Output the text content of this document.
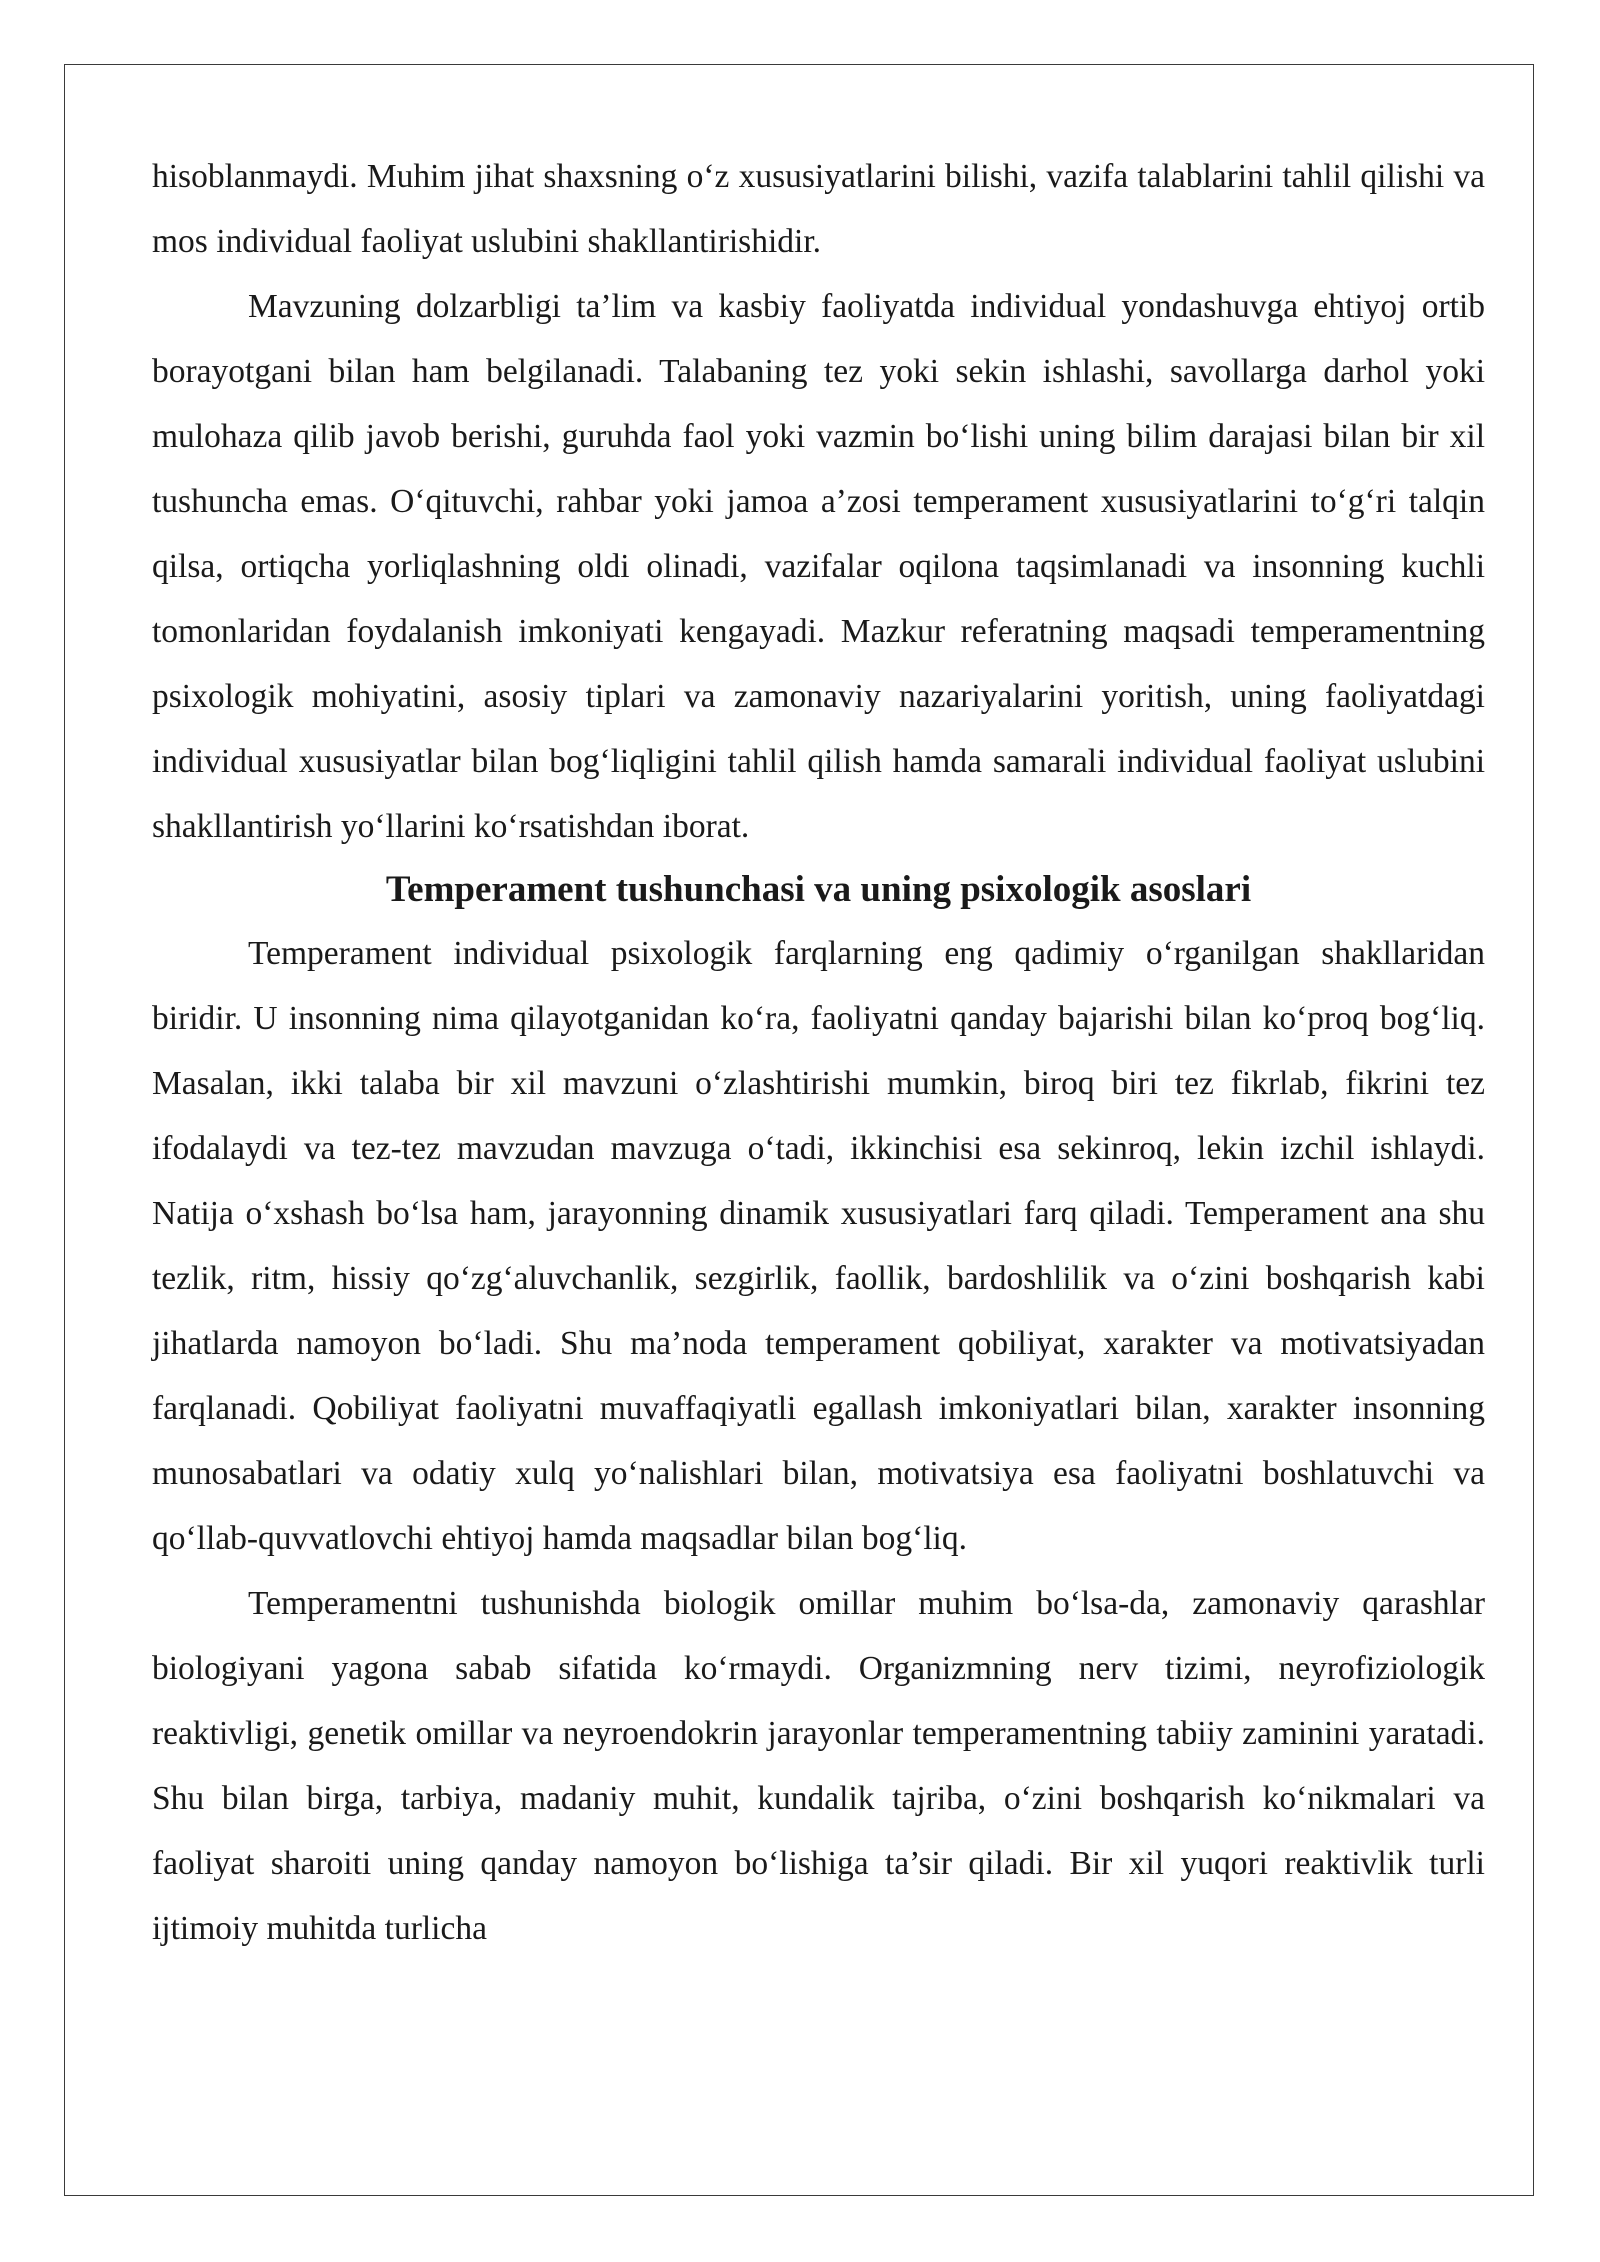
hisoblanmaydi. Muhim jihat shaxsning o‘z xususiyatlarini bilishi, vazifa talablarini tahlil qilishi va mos individual faoliyat uslubini shakllantirishidir.

Mavzuning dolzarbligi ta’lim va kasbiy faoliyatda individual yondashuvga ehtiyoj ortib borayotgani bilan ham belgilanadi. Talabaning tez yoki sekin ishlashi, savollarga darhol yoki mulohaza qilib javob berishi, guruhda faol yoki vazmin bo‘lishi uning bilim darajasi bilan bir xil tushuncha emas. O‘qituvchi, rahbar yoki jamoa a’zosi temperament xususiyatlarini to‘g‘ri talqin qilsa, ortiqcha yorliqlashning oldi olinadi, vazifalar oqilona taqsimlanadi va insonning kuchli tomonlaridan foydalanish imkoniyati kengayadi. Mazkur referatning maqsadi temperamentning psixologik mohiyatini, asosiy tiplari va zamonaviy nazariyalarini yoritish, uning faoliyatdagi individual xususiyatlar bilan bog‘liqligini tahlil qilish hamda samarali individual faoliyat uslubini shakllantirish yo‘llarini ko‘rsatishdan iborat.

Temperament tushunchasi va uning psixologik asoslari

Temperament individual psixologik farqlarning eng qadimiy o‘rganilgan shakllaridan biridir. U insonning nima qilayotganidan ko‘ra, faoliyatni qanday bajarishi bilan ko‘proq bog‘liq. Masalan, ikki talaba bir xil mavzuni o‘zlashtirishi mumkin, biroq biri tez fikrlab, fikrini tez ifodalaydi va tez-tez mavzudan mavzuga o‘tadi, ikkinchisi esa sekinroq, lekin izchil ishlaydi. Natija o‘xshash bo‘lsa ham, jarayonning dinamik xususiyatlari farq qiladi. Temperament ana shu tezlik, ritm, hissiy qo‘zg‘aluvchanlik, sezgirlik, faollik, bardoshlilik va o‘zini boshqarish kabi jihatlarda namoyon bo‘ladi. Shu ma’noda temperament qobiliyat, xarakter va motivatsiyadan farqlanadi. Qobiliyat faoliyatni muvaffaqiyatli egallash imkoniyatlari bilan, xarakter insonning munosabatlari va odatiy xulq yo‘nalishlari bilan, motivatsiya esa faoliyatni boshlatuvchi va qo‘llab-quvvatlovchi ehtiyoj hamda maqsadlar bilan bog‘liq.

Temperamentni tushunishda biologik omillar muhim bo‘lsa-da, zamonaviy qarashlar biologiyani yagona sabab sifatida ko‘rmaydi. Organizmning nerv tizimi, neyrofiziologik reaktivligi, genetik omillar va neyroendokrin jarayonlar temperamentning tabiiy zaminini yaratadi. Shu bilan birga, tarbiya, madaniy muhit, kundalik tajriba, o‘zini boshqarish ko‘nikmalari va faoliyat sharoiti uning qanday namoyon bo‘lishiga ta’sir qiladi. Bir xil yuqori reaktivlik turli ijtimoiy muhitda turlicha
